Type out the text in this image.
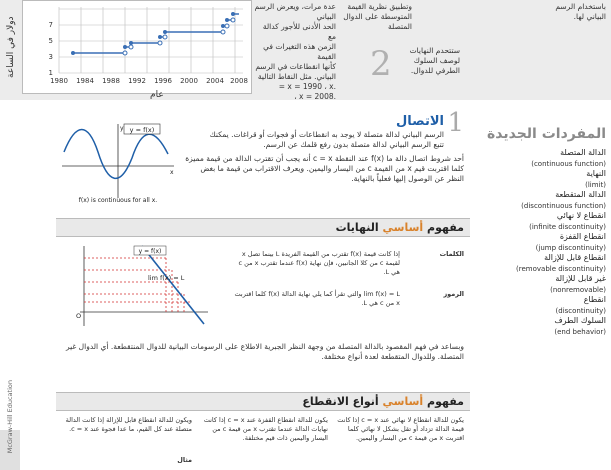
1
3
5
7
1980 1984 1988 1992 1996 2000 2004 2008
دولار في الساعة
عام
عدة مرات، ويعرض الرسم البياني
الحد الأدنى للأجور كدالة مع
الزمن هذه التغيرات في القيمة
كأنها انقطاعات في الرسم
البياني. مثل النقاط التالية
.x = 1990 ، x =
.x = 2008 ،
وتطبيق نظرية القيمة
المتوسطة على الدوال
المتصلة
2	ستتحدم النهايات
لوصف السلوك
الطرفي للدوال.
باستخدام الرسم
البياني لها.
المفردات الجديدة
الدالة المتصلة
(continuous function)
النهاية
(limit)
الدالة المتقطعة
(discontinuous function)
انقطاع لا نهائي
(infinite discontinuity)
انقطاع القفزة
(jump discontinuity)
انقطاع قابل للإزالة
(removable discontinuity)
غير قابل للإزالة
(nonremovable)
انقطاع
(discontinuity)
السلوك الطرف
(end behavior)
McGraw-Hill Education
1
الاتصال
الرسم البياني لدالة متصلة لا يوجد به انقطاعات أو فجوات أو قراغات. يمكنك تتبع الرسم البياني لدالة متصلة بدون رفع قلمك عن الرسم.
y = f(x)
y
x
f(x) is continuous for all x.
أحد شروط اتصال دالة ما f(x) عند النقطة c = x أنه يجب أن تقترب الدالة من قيمة مميزة كلما اقتربت قيم x من القيمة c من اليسار واليمين. ويعرف الاقتراب من قيمة ما بغض النظر عن الوصول إليها فعلياً بالنهاية.
مفهوم أساسي النهايات
y = f(x)
lim f(x) = L
O
الكلمات
إذا كانت قيمة f(x) تقترب من القيمة الفريدة L بينما تصل x لقيمة c من كلا الجانبين، فإن نهاية f(x) عندما تقترب x من c هي L.
الرموز
lim f(x) = L والتي تقرأ كما يلي نهاية الدالة f(x) كلما اقتربت x من c هي L.
وبساعد في فهم المقصود بالدالة المتصلة من وجهة النظر الجبرية الاطلاع على الرسومات البيانية للدوال المنتقطعة. أي الدوال غير المتصلة. وللدوال المتقطعة لعدة أنواع مختلفة.
مفهوم أساسي أنواع الانقطاع
يكون للدالة انقطاع لا نهائي عند c = x إذا كانت قيمة الدالة تزداد أو تقل بشكل لا نهائي كلما اقتربت x من قيمة c من اليسار واليمين.
يكون للدالة انقطاع القفزة عند c = x إذا كانت نهايات الدالة عندما تقترب x من قيمة c من اليسار واليمين ذات قيم مختلفة.
ويكون للدالة انقطاع قابل للإزالة إذا كانت الدالة متصلة عند كل القيم، ما عدا فجوة عند c = x.
مثال
